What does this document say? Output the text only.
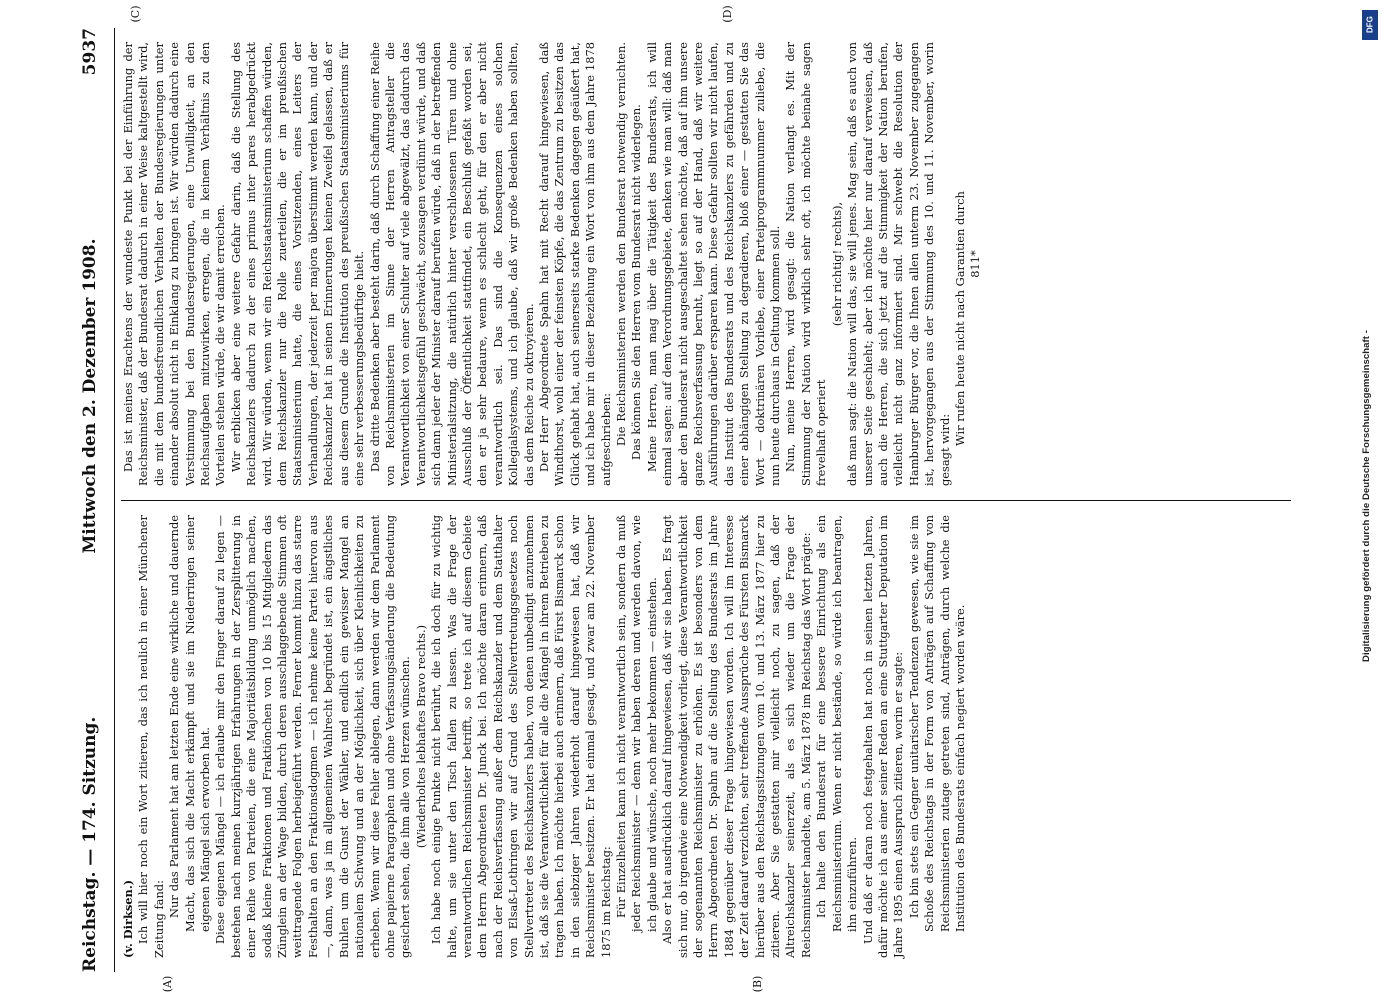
Reichstag. — 174. Sitzung.
Mittwoch den 2. Dezember 1908.
5937

(v. Dirksen.) Ich will hier noch ein Wort zitieren, das ich neulich in einer Münchener Zeitung fand:

Nur das Parlament hat am letzten Ende eine wirkliche und dauernde Macht, das sich die Macht erkämpft und sie im Niederringen seiner eigenen Mängel sich erworben hat. Diese eigenen Mängel — ich erlaube mir den Finger darauf zu legen — bestehen nach meinen kurzjährigen Erfahrungen in der Zersplitterung in einer Reihe von Parteien, die eine Majoritätsbildung unmöglich machen, sodaß kleine Fraktionen und Fraktiönchen von 10 bis 15 Mitgliedern das Zünglein an der Wage bilden, durch deren ausschlaggebende Stimmen oft weittragende Folgen herbeigeführt werden. Ferner kommt hinzu das starre Festhalten an den Fraktionsdogmen — ich nehme keine Partei hiervon aus —, dann, was ja im allgemeinen Wahlrecht begründet ist, ein ängstliches Buhlen um die Gunst der Wähler, und endlich ein gewisser Mangel an nationalem Schwung und an der Möglichkeit, sich über Kleinlichkeiten zu erheben. Wenn wir diese Fehler ablegen, dann werden wir dem Parlament ohne papierne Paragraphen und ohne Verfassungsänderung die Bedeutung gesichert sehen, die ihm alle von Herzen wünschen. (Wiederholtes lebhaftes Bravo rechts.) Ich habe noch einige Punkte nicht berührt, die ich doch für zu wichtig halte, um sie unter den Tisch fallen zu lassen. Was die Frage der verantwortlichen Reichsminister betrifft, so trete ich auf diesem Gebiete dem Herrn Abgeordneten Dr. Junck bei. Ich möchte daran erinnern, daß nach der Reichsverfassung außer dem Reichskanzler und dem Statthalter von Elsaß-Lothringen wir auf Grund des Stellvertretungsgesetzes noch Stellvertreter des Reichskanzlers haben, von denen unbedingt anzunehmen ist, daß sie die Verantwortlichkeit für alle die Mängel in ihrem Betrieben zu tragen haben. Ich möchte hierbei auch erinnern, daß Fürst Bismarck schon in den siebziger Jahren wiederholt darauf hingewiesen hat, daß wir Reichsminister besitzen. Er hat einmal gesagt, und zwar am 22. November 1875 im Reichstag: Für Einzelheiten kann ich nicht verantwortlich sein, sondern da muß jeder Reichsminister — denn wir haben deren und werden davon, wie ich glaube und wünsche, noch mehr bekommen — einstehen. Also er hat ausdrücklich darauf hingewiesen, daß wir sie haben. Es fragt sich nur, ob irgendwie eine Notwendigkeit vorliegt, diese Verantwortlichkeit der sogenannten Reichsminister zu erhöhen. Es ist besonders von dem Herrn Abgeordneten Dr. Spahn auf die Stellung des Bundesrats im Jahre 1884 gegenüber dieser Frage hingewiesen worden. Ich will im Interesse der Zeit darauf verzichten, sehr treffende Aussprüche des Fürsten Bismarck hierüber aus den Reichstagssitzungen vom 10. und 13. März 1877 hier zu zitieren. Aber Sie gestatten mir vielleicht noch, zu sagen, daß der Altreichskanzler seinerzeit, als es sich wieder um die Frage der Reichsminister handelte, am 5. März 1878 im Reichstag das Wort prägte: Ich halte den Bundesrat für eine bessere Einrichtung als ein Reichsministerium. Wenn er nicht bestände, so würde ich beantragen, ihn einzuführen. Und daß er daran noch festgehalten hat noch in seinen letzten Jahren, dafür möchte ich aus einer seiner Reden an eine Stuttgarter Deputation im Jahre 1895 einen Ausspruch zitieren, worin er sagte: Ich bin stets ein Gegner unitarischer Tendenzen gewesen, wie sie im Schoße des Reichstags in der Form von Anträgen auf Schaffung von Reichsministerien zutage getreten sind, Anträgen, durch welche die Institution des Bundesrats einfach negiert worden wäre.

Das ist meines Erachtens der wundeste Punkt bei der Einführung der Reichsminister, daß der Bundesrat dadurch in einer Weise kaltgestellt wird, die mit dem bundesfreundlichen Verhalten der Bundesregierungen unter einander absolut nicht in Einklang zu bringen ist. Wir würden dadurch eine Verstimmung bei den Bundesregierungen, eine Unwilligkeit, an den Reichsaufgaben mitzuwirken, erregen, die in keinem Verhältnis zu den Vorteilen stehen würde, die wir damit erreichen. Wir erblicken aber eine weitere Gefahr darin, daß die Stellung des Reichskanzlers dadurch zu der eines primus inter pares herabgedrückt wird. Wir würden, wenn wir ein Reichsstaatsministerium schaffen würden, dem Reichskanzler nur die Rolle zuerteilen, die er im preußischen Staatsministerium hatte, die eines Vorsitzenden, eines Leiters der Verhandlungen, der jederzeit per majora überstimmt werden kann, und der Reichskanzler hat in seinen Erinnerungen keinen Zweifel gelassen, daß er aus diesem Grunde die Institution des preußischen Staatsministeriums für eine sehr verbesserungsbedürftige hielt. Das dritte Bedenken aber besteht darin, daß durch Schaffung einer Reihe von Reichsministerien im Sinne der Herren Antragsteller die Verantwortlichkeit von einer Schulter auf viele abgewälzt, das dadurch das Verantwortlichkeitsgefühl geschwächt, sozusagen verdünnt würde, und daß sich dann jeder der Minister darauf berufen würde, daß in der betreffenden Ministerialsitzung, die natürlich hinter verschlossenen Türen und ohne Ausschluß der Öffentlichkeit stattfindet, ein Beschluß gefaßt worden sei, den er ja sehr bedaure, wenn es schlecht geht, für den er aber nicht verantwortlich sei. Das sind die Konsequenzen eines solchen Kollegialsystems, und ich glaube, daß wir große Bedenken haben sollten, das dem Reiche zu oktroyieren. Der Herr Abgeordnete Spahn hat mit Recht darauf hingewiesen, daß Windthorst, wohl einer der feinsten Köpfe, die das Zentrum zu besitzen das Glück gehabt hat, auch seinerseits starke Bedenken dagegen geäußert hat, und ich habe mir in dieser Beziehung ein Wort von ihm aus dem Jahre 1878 aufgeschrieben: Die Reichsministerien werden den Bundesrat notwendig vernichten. Das können Sie den Herren vom Bundesrat nicht widerlegen. Meine Herren, man mag über die Tätigkeit des Bundesrats, ich will einmal sagen: auf dem Verordnungsgebiete, denken wie man will: daß man aber den Bundesrat nicht ausgeschaltet sehen möchte, daß auf ihm unsere ganze Reichsverfassung beruht, liegt so auf der Hand, daß wir weitere Ausführungen darüber ersparen kann. Diese Gefahr sollten wir nicht laufen, das Institut des Bundesrats und des Reichskanzlers zu gefährden und zu einer abhängigen Stellung zu degradieren, bloß einer — gestatten Sie das Wort — doktrinären Vorliebe, einer Parteiprogrammnummer zuliebe, die nun heute durchaus in Geltung kommen soll. Nun, meine Herren, wird gesagt: die Nation verlangt es. Mit der Stimmung der Nation wird wirklich sehr oft, ich möchte beinahe sagen frevelhaft operiert

(sehr richtig! rechts), daß man sagt: die Nation will das, sie will jenes. Mag sein, daß es auch von unserer Seite geschieht; aber ich möchte hier nur darauf verweisen, daß auch die Herren, die sich jetzt auf die Stimmigkeit der Nation berufen, vielleicht nicht ganz informiert sind. Mir schwebt die Resolution der Hamburger Bürger vor, die Ihnen allen unterm 23. November zugegangen ist, hervorgegangen aus der Stimmung des 10. und 11. November, worin gesagt wird:

Wir rufen heute nicht nach Garantien durch 811*

(A)	(B)
(C)	(D)
DFG
Digitalisierung gefördert durch die Deutsche Forschungsgemeinschaft -
